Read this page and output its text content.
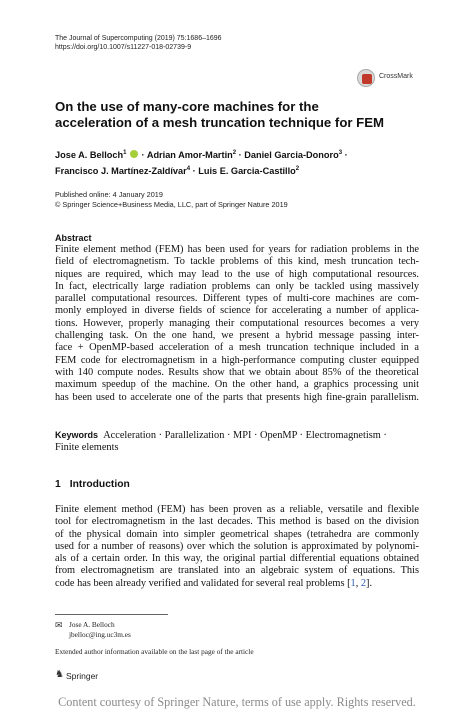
The Journal of Supercomputing (2019) 75:1686–1696
https://doi.org/10.1007/s11227-018-02739-9
CrossMark
On the use of many-core machines for the acceleration of a mesh truncation technique for FEM
Jose A. Belloch$^1$  · Adrian Amor-Martin$^2$ · Daniel Garcia-Donoro$^3$ ·
Francisco J. Martínez-Zaldívar$^4$ · Luis E. Garcia-Castillo$^2$
Published online: 4 January 2019
© Springer Science+Business Media, LLC, part of Springer Nature 2019
Abstract
Finite element method (FEM) has been used for years for radiation problems in the
field of electromagnetism. To tackle problems of this kind, mesh truncation tech-
niques are required, which may lead to the use of high computational resources.
In fact, electrically large radiation problems can only be tackled using massively
parallel computational resources. Different types of multi-core machines are com-
monly employed in diverse fields of science for accelerating a number of applica-
tions. However, properly managing their computational resources becomes a very
challenging task. On the one hand, we present a hybrid message passing inter-
face + OpenMP-based acceleration of a mesh truncation technique included in a
FEM code for electromagnetism in a high-performance computing cluster equipped
with 140 compute nodes. Results show that we obtain about 85% of the theoretical
maximum speedup of the machine. On the other hand, a graphics processing unit
has been used to accelerate one of the parts that presents high fine-grain parallelism.
Keywords Acceleration · Parallelization · MPI · OpenMP · Electromagnetism ·
Finite elements
1 Introduction
Finite element method (FEM) has been proven as a reliable, versatile and flexible
tool for electromagnetism in the last decades. This method is based on the division
of the physical domain into simpler geometrical shapes (tetrahedra are commonly
used for a number of reasons) over which the solution is approximated by polynomi-
als of a certain order. In this way, the original partial differential equations obtained
from electromagnetism are translated into an algebraic system of equations. This
code has been already verified and validated for several real problems [1, 2].
✉ Jose A. Belloch
jbelloc@ing.uc3m.es
Extended author information available on the last page of the article
♞ Springer
Content courtesy of Springer Nature, terms of use apply. Rights reserved.
